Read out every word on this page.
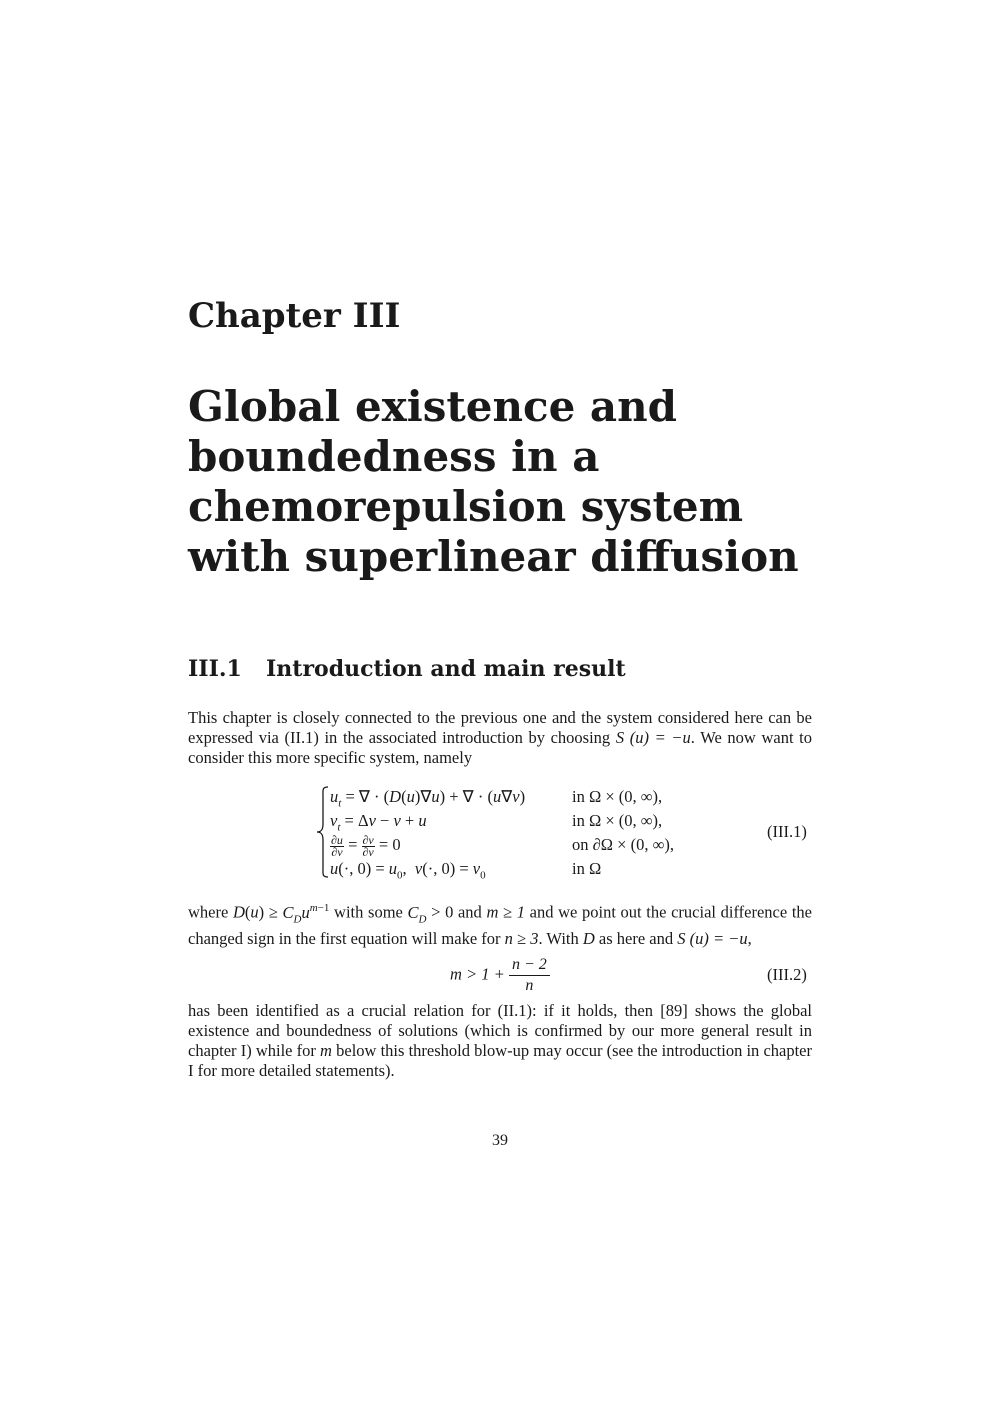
Chapter III
Global existence and boundedness in a chemorepulsion system with superlinear diffusion
III.1 Introduction and main result
This chapter is closely connected to the previous one and the system considered here can be expressed via (II.1) in the associated introduction by choosing S (u) = −u. We now want to consider this more specific system, namely
$u_t$ = ∇ · (D(u)∇u) + ∇ · (u∇v)	in Ω × (0, ∞),
$v_t = \Delta v - v + u$	in Ω × (0, ∞),
$\frac{\partial u}{\partial\nu} = \frac{\partial v}{\partial\nu} = 0$	on ∂Ω × (0, ∞),
u(·, $0) = u_0$,  v(·, $0) = v_0$	in Ω
(III.1)
where $D(u) \ge C_Du^{m-1}$ with some $C_D > 0$ and m ≥ 1 and we point out the crucial difference the changed sign in the first equation will make for n ≥ 3. With D as here and S (u) = −u,
$m > 1 + \frac{n - 2}{n}$	(III.2)
has been identified as a crucial relation for (II.1): if it holds, then [89] shows the global existence and boundedness of solutions (which is confirmed by our more general result in chapter I) while for m below this threshold blow-up may occur (see the introduction in chapter I for more detailed statements).
39
